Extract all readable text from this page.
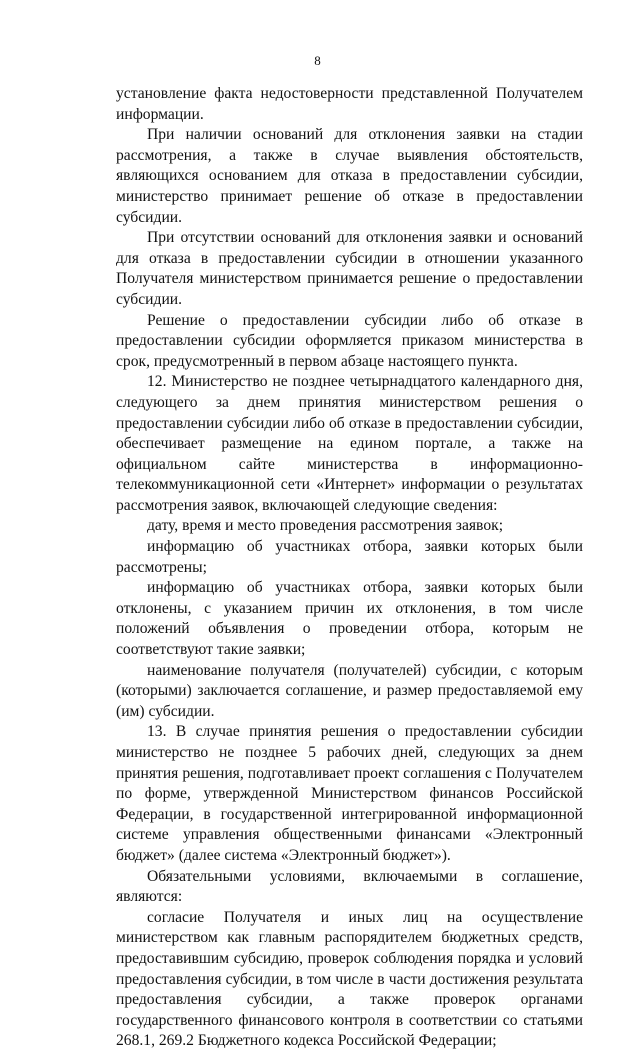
8

установление факта недостоверности представленной Получателем информации.

При наличии оснований для отклонения заявки на стадии рассмотрения, а также в случае выявления обстоятельств, являющихся основанием для отказа в предоставлении субсидии, министерство принимает решение об отказе в предоставлении субсидии.

При отсутствии оснований для отклонения заявки и оснований для отказа в предоставлении субсидии в отношении указанного Получателя министерством принимается решение о предоставлении субсидии.

Решение о предоставлении субсидии либо об отказе в предоставлении субсидии оформляется приказом министерства в срок, предусмотренный в первом абзаце настоящего пункта.

12. Министерство не позднее четырнадцатого календарного дня, следующего за днем принятия министерством решения о предоставлении субсидии либо об отказе в предоставлении субсидии, обеспечивает размещение на едином портале, а также на официальном сайте министерства в информационно-телекоммуникационной сети «Интернет» информации о результатах рассмотрения заявок, включающей следующие сведения:

дату, время и место проведения рассмотрения заявок;

информацию об участниках отбора, заявки которых были рассмотрены;

информацию об участниках отбора, заявки которых были отклонены, с указанием причин их отклонения, в том числе положений объявления о проведении отбора, которым не соответствуют такие заявки;

наименование получателя (получателей) субсидии, с которым (которыми) заключается соглашение, и размер предоставляемой ему (им) субсидии.

13. В случае принятия решения о предоставлении субсидии министерство не позднее 5 рабочих дней, следующих за днем принятия решения, подготавливает проект соглашения с Получателем по форме, утвержденной Министерством финансов Российской Федерации, в государственной интегрированной информационной системе управления общественными финансами «Электронный бюджет» (далее система «Электронный бюджет»).

Обязательными условиями, включаемыми в соглашение, являются:

согласие Получателя и иных лиц на осуществление министерством как главным распорядителем бюджетных средств, предоставившим субсидию, проверок соблюдения порядка и условий предоставления субсидии, в том числе в части достижения результата предоставления субсидии, а также проверок органами государственного финансового контроля в соответствии со статьями 268.1, 269.2 Бюджетного кодекса Российской Федерации;
